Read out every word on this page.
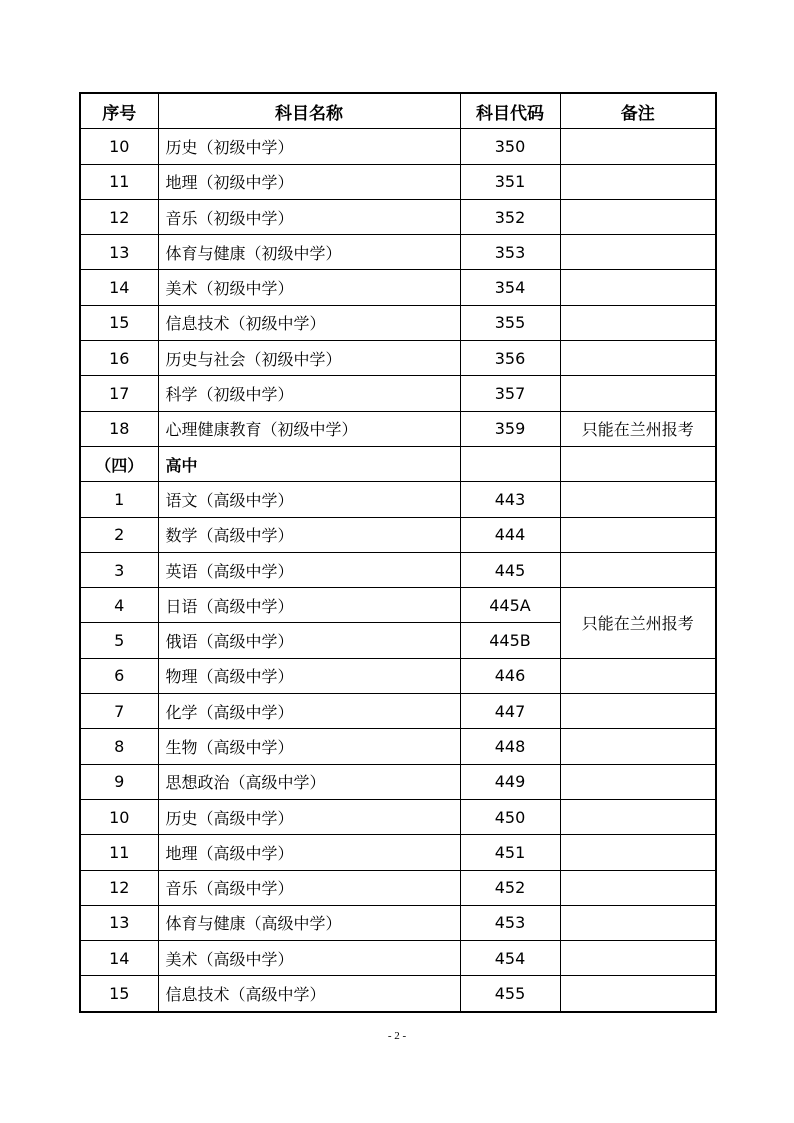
序号	科目名称	科目代码	备注
10	历史（初级中学）	350	
11	地理（初级中学）	351	
12	音乐（初级中学）	352	
13	体育与健康（初级中学）	353	
14	美术（初级中学）	354	
15	信息技术（初级中学）	355	
16	历史与社会（初级中学）	356	
17	科学（初级中学）	357	
18	心理健康教育（初级中学）	359	只能在兰州报考
（四）	高中		
1	语文（高级中学）	443	
2	数学（高级中学）	444	
3	英语（高级中学）	445	
4	日语（高级中学）	445A	只能在兰州报考
5	俄语（高级中学）	445B	
6	物理（高级中学）	446	
7	化学（高级中学）	447	
8	生物（高级中学）	448	
9	思想政治（高级中学）	449	
10	历史（高级中学）	450	
11	地理（高级中学）	451	
12	音乐（高级中学）	452	
13	体育与健康（高级中学）	453	
14	美术（高级中学）	454	
15	信息技术（高级中学）	455	
- 2 -
